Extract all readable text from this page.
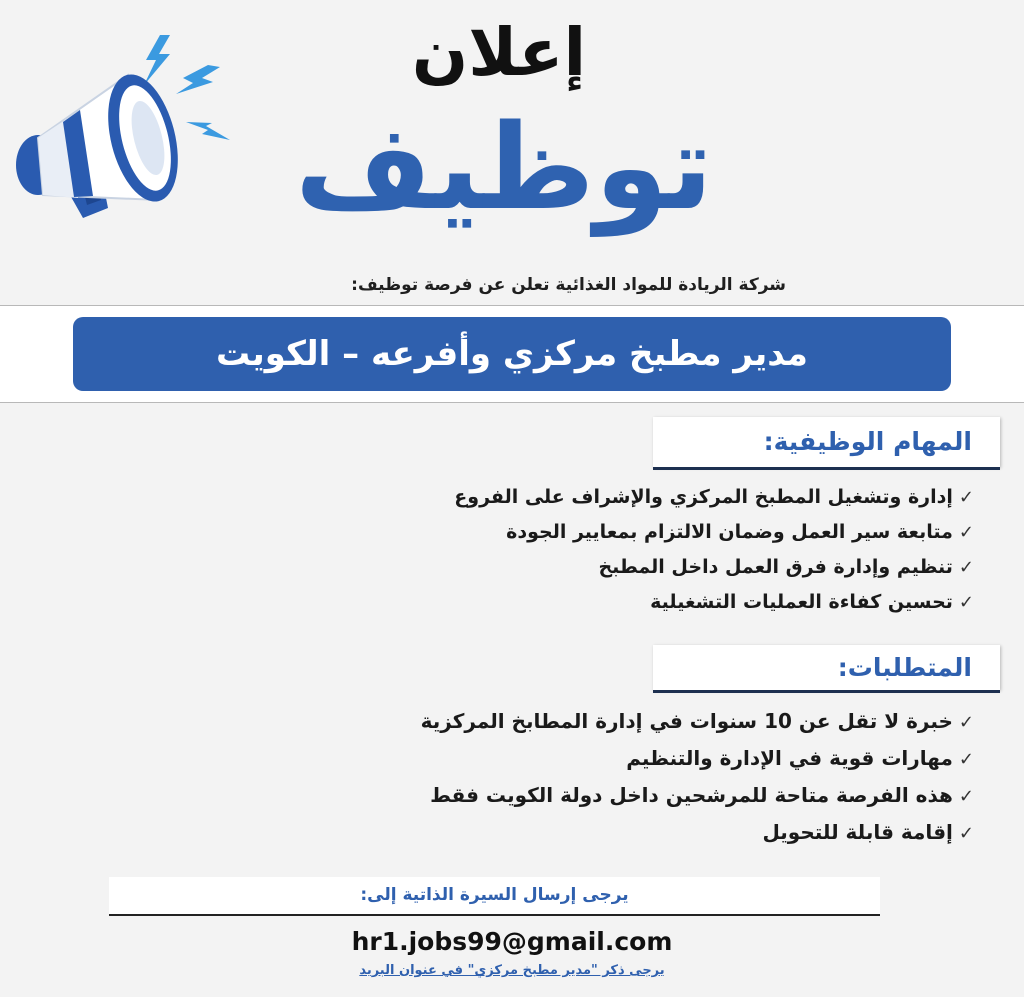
إعلان
توظيف
شركة الريادة للمواد الغذائية تعلن عن فرصة توظيف:
مدير مطبخ مركزي وأفرعه – الكويت
المهام الوظيفية:
✓إدارة وتشغيل المطبخ المركزي والإشراف على الفروع
✓متابعة سير العمل وضمان الالتزام بمعايير الجودة
✓تنظيم وإدارة فرق العمل داخل المطبخ
✓تحسين كفاءة العمليات التشغيلية
المتطلبات:
✓خبرة لا تقل عن 10 سنوات في إدارة المطابخ المركزية
✓مهارات قوية في الإدارة والتنظيم
✓هذه الفرصة متاحة للمرشحين داخل دولة الكويت فقط
✓إقامة قابلة للتحويل
يرجى إرسال السيرة الذاتية إلى:
hr1.jobs99@gmail.com
يرجى ذكر "مدير مطبخ مركزي" في عنوان البريد
